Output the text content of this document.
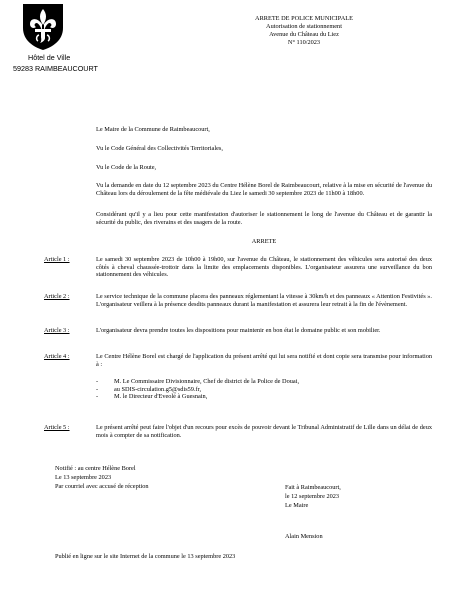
Hôtel de Ville
59283 RAIMBEAUCOURT
ARRETE DE POLICE MUNICIPALE
Autorisation de stationnement
Avenue du Château du Liez
N° 110/2023
Le Maire de la Commune de Raimbeaucourt,
Vu le Code Général des Collectivités Territoriales,
Vu le Code de la Route,
Vu la demande en date du 12 septembre 2023 du Centre Hélène Borel de Raimbeaucourt, relative à la mise en sécurité de l'avenue du Château lors du déroulement de la fête médiévale du Liez le samedi 30 septembre 2023 de 11h00 à 18h00.
Considérant qu'il y a lieu pour cette manifestation d'autoriser le stationnement le long de l'avenue du Château et de garantir la sécurité du public, des riverains et des usagers de la route.
ARRETE
Article 1 :	Le samedi 30 septembre 2023 de 10h00 à 19h00, sur l'avenue du Château, le stationnement des véhicules sera autorisé des deux côtés à cheval chaussée-trottoir dans la limite des emplacements disponibles. L'organisateur assurera une surveillance du bon stationnement des véhicules.
Article 2 :	Le service technique de la commune placera des panneaux réglementant la vitesse à 30km/h et des panneaux « Attention Festivités ». L'organisateur veillera à la présence desdits panneaux durant la manifestation et assurera leur retrait à la fin de l'évènement.
Article 3 :	L'organisateur devra prendre toutes les dispositions pour maintenir en bon état le domaine public et son mobilier.
Article 4 :	Le Centre Hélène Borel est chargé de l'application du présent arrêté qui lui sera notifié et dont copie sera transmise pour information à :
- M. Le Commissaire Divisionnaire, Chef de district de la Police de Douai,
- au SDIS-circulation.g5@sdis59.fr,
- M. le Directeur d'Eveolé à Guesnain,
Article 5 :	Le présent arrêté peut faire l'objet d'un recours pour excès de pouvoir devant le Tribunal Administratif de Lille dans un délai de deux mois à compter de sa notification.
Notifié : au centre Hélène Borel
Le 13 septembre 2023
Par courriel avec accusé de réception	Fait à Raimbeaucourt,
le 12 septembre 2023
Le Maire
Alain Mension
Publié en ligne sur le site Internet de la commune le 13 septembre 2023
